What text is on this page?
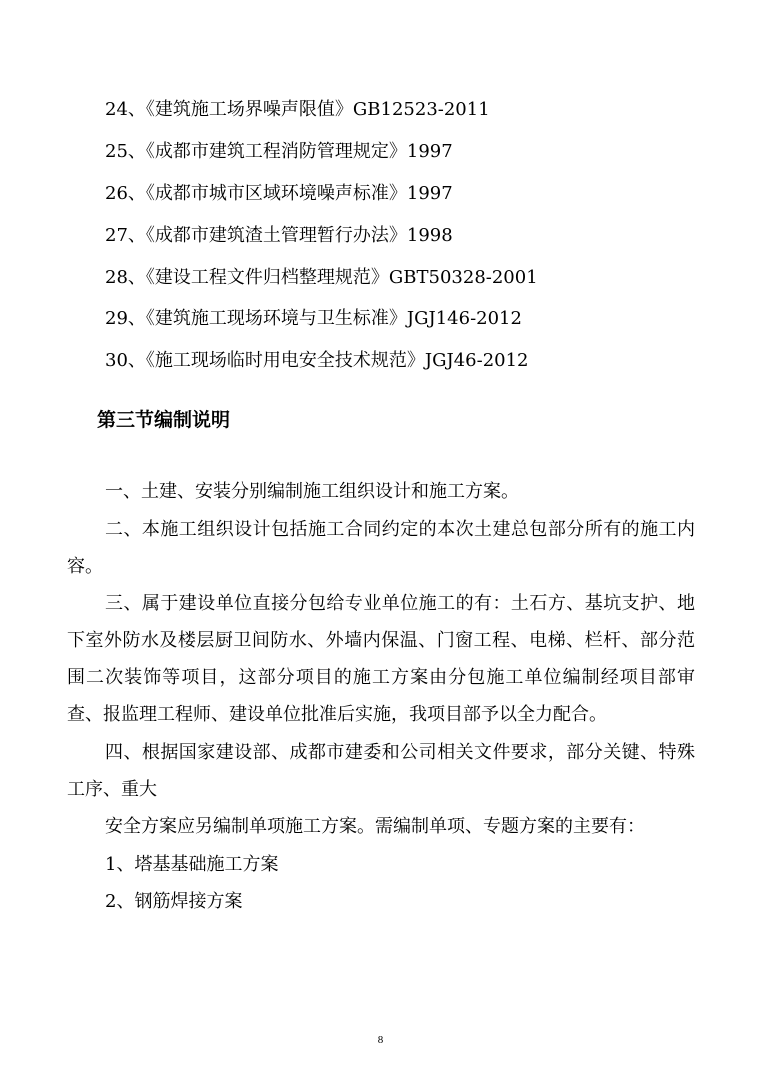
24、《建筑施工场界噪声限值》GB12523-2011
25、《成都市建筑工程消防管理规定》1997
26、《成都市城市区域环境噪声标准》1997
27、《成都市建筑渣土管理暂行办法》1998
28、《建设工程文件归档整理规范》GBT50328-2001
29、《建筑施工现场环境与卫生标准》JGJ146-2012
30、《施工现场临时用电安全技术规范》JGJ46-2012
第三节编制说明

一、土建、安装分别编制施工组织设计和施工方案。

二、本施工组织设计包括施工合同约定的本次土建总包部分所有的施工内容。

三、属于建设单位直接分包给专业单位施工的有：土石方、基坑支护、地下室外防水及楼层厨卫间防水、外墙内保温、门窗工程、电梯、栏杆、部分范围二次装饰等项目，这部分项目的施工方案由分包施工单位编制经项目部审查、报监理工程师、建设单位批准后实施，我项目部予以全力配合。

四、根据国家建设部、成都市建委和公司相关文件要求，部分关键、特殊工序、重大

安全方案应另编制单项施工方案。需编制单项、专题方案的主要有：

1、塔基基础施工方案

2、钢筋焊接方案

8
